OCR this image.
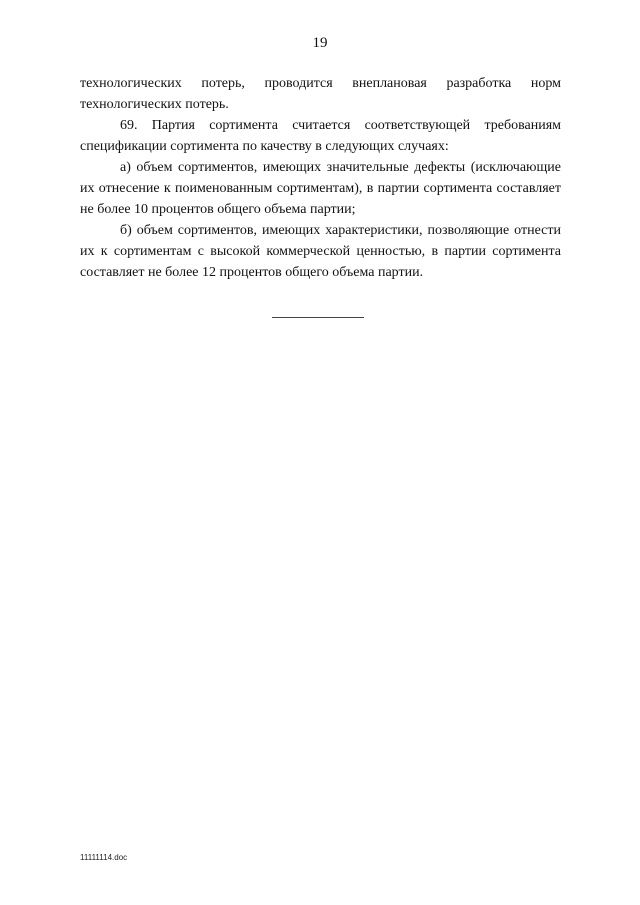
19

технологических потерь, проводится внеплановая разработка норм технологических потерь.

69. Партия сортимента считается соответствующей требованиям спецификации сортимента по качеству в следующих случаях:

а) объем сортиментов, имеющих значительные дефекты (исключающие их отнесение к поименованным сортиментам), в партии сортимента составляет не более 10 процентов общего объема партии;

б) объем сортиментов, имеющих характеристики, позволяющие отнести их к сортиментам с высокой коммерческой ценностью, в партии сортимента составляет не более 12 процентов общего объема партии.

11111114.doc
